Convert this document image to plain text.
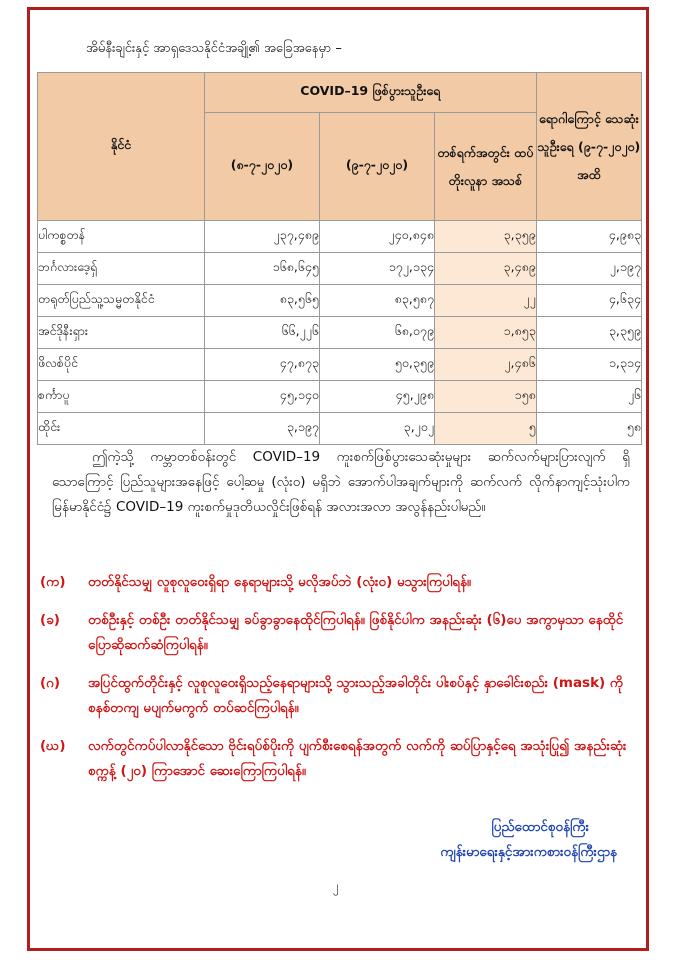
အိမ်နီးချင်းနှင့် အာရှဒေသနိုင်ငံအချို့၏ အခြေအနေမှာ –
နိုင်ငံ	COVID–19 ဖြစ်ပွားသူဦးရေ			ရောဂါကြောင့် သေဆုံးသူဦးရေ (၉-၇-၂၀၂၀) အထိ
	(၈-၇-၂၀၂၀)	(၉-၇-၂၀၂၀)	တစ်ရက်အတွင်း ထပ်တိုးလူနာ အသစ်	
ပါကစ္စတန်	၂၃၇,၄၈၉	၂၄၀,၈၄၈	၃,၃၅၉	၄,၉၈၃
ဘင်္ဂလားဒေ့ရှ်	၁၆၈,၆၄၅	၁၇၂,၁၃၄	၃,၄၈၉	၂,၁၉၇
တရုတ်ပြည်သူ့သမ္မတနိုင်ငံ	၈၃,၅၆၅	၈၃,၅၈၇	၂၂	၄,၆၃၄
အင်ဒိုနီးရှား	၆၆,၂၂၆	၆၈,၀၇၉	၁,၈၅၃	၃,၃၅၉
ဖိလစ်ပိုင်	၄၇,၈၇၃	၅၀,၃၅၉	၂,၄၈၆	၁,၃၁၄
စင်္ကာပူ	၄၅,၁၄၀	၄၅,၂၉၈	၁၅၈	၂၆
ထိုင်း	၃,၁၉၇	၃,၂၀၂	၅	၅၈

ဤကဲ့သို့ ကမ္ဘာတစ်ဝန်းတွင် COVID–19 ကူးစက်ဖြစ်ပွားသေဆုံးမှုများ ဆက်လက်များပြားလျက် ရှိသောကြောင့် ပြည်သူများအနေဖြင့် ပေါ့ဆမှု (လုံးဝ) မရှိဘဲ အောက်ပါအချက်များကို ဆက်လက် လိုက်နာကျင့်သုံးပါက မြန်မာနိုင်ငံ၌ COVID–19 ကူးစက်မှုဒုတိယလှိုင်းဖြစ်ရန် အလားအလာ အလွန်နည်းပါမည်။

(က) တတ်နိုင်သမျှ လူစုလူဝေးရှိရာ နေရာများသို့ မလိုအပ်ဘဲ (လုံးဝ) မသွားကြပါရန်။
(ခ) တစ်ဦးနှင့် တစ်ဦး တတ်နိုင်သမျှ ခပ်ခွာခွာနေထိုင်ကြပါရန်။ ဖြစ်နိုင်ပါက အနည်းဆုံး (၆)ပေ အကွာမှသာ နေထိုင်ပြောဆိုဆက်ဆံကြပါရန်။
(ဂ) အပြင်ထွက်တိုင်းနှင့် လူစုလူဝေးရှိသည့်နေရာများသို့ သွားသည့်အခါတိုင်း ပါးစပ်နှင့် နှာခေါင်းစည်း (mask) ကို စနစ်တကျ မပျက်မကွက် တပ်ဆင်ကြပါရန်။
(ဃ) လက်တွင်ကပ်ပါလာနိုင်သော ဗိုင်းရပ်စ်ပိုးကို ပျက်စီးစေရန်အတွက် လက်ကို ဆပ်ပြာနှင့်ရေ အသုံးပြု၍ အနည်းဆုံး စက္ကန့် (၂၀) ကြာအောင် ဆေးကြောကြပါရန်။
ပြည်ထောင်စုဝန်ကြီး
ကျန်းမာရေးနှင့်အားကစားဝန်ကြီးဌာန
၂
